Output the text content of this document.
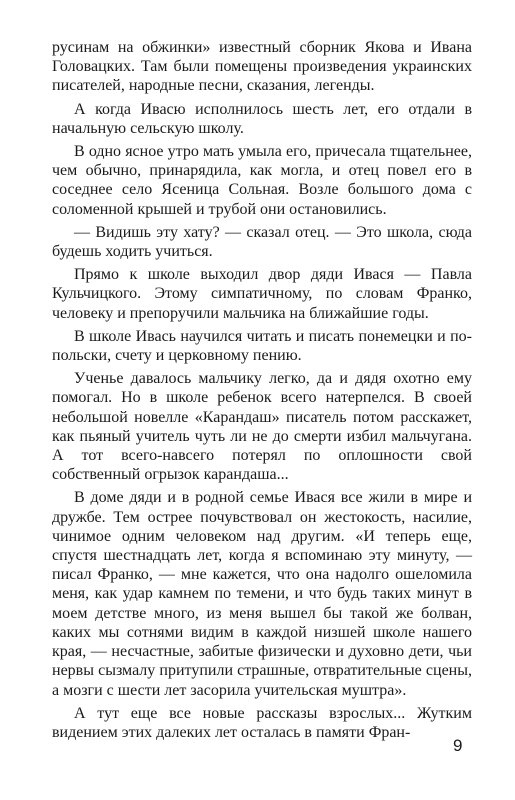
русинам на обжинки» известный сборник Якова и Ивана Головацких. Там были помещены произведения украинских писателей, народные песни, сказания, легенды.

А когда Ивасю исполнилось шесть лет, его отдали в начальную сельскую школу.

В одно ясное утро мать умыла его, причесала тщательнее, чем обычно, принарядила, как могла, и отец повел его в соседнее село Ясеница Сольная. Возле большого дома с соломенной крышей и трубой они остановились.

— Видишь эту хату? — сказал отец. — Это школа, сюда будешь ходить учиться.

Прямо к школе выходил двор дяди Ивася — Павла Кульчицкого. Этому симпатичному, по словам Франко, человеку и препоручили мальчика на ближайшие годы.

В школе Ивась научился читать и писать понемецки и по-польски, счету и церковному пению.

Ученье давалось мальчику легко, да и дядя охотно ему помогал. Но в школе ребенок всего натерпелся. В своей небольшой новелле «Карандаш» писатель потом расскажет, как пьяный учитель чуть ли не до смерти избил мальчугана. А тот всего-навсего потерял по оплошности свой собственный огрызок карандаша...

В доме дяди и в родной семье Ивася все жили в мире и дружбе. Тем острее почувствовал он жестокость, насилие, чинимое одним человеком над другим. «И теперь еще, спустя шестнадцать лет, когда я вспоминаю эту минуту, — писал Франко, — мне кажется, что она надолго ошеломила меня, как удар камнем по темени, и что будь таких минут в моем детстве много, из меня вышел бы такой же болван, каких мы сотнями видим в каждой низшей школе нашего края, — несчастные, забитые физически и духовно дети, чьи нервы сызмалу притупили страшные, отвратительные сцены, а мозги с шести лет засорила учительская муштра».

А тут еще все новые рассказы взрослых... Жутким видением этих далеких лет осталась в памяти Фран-

9
